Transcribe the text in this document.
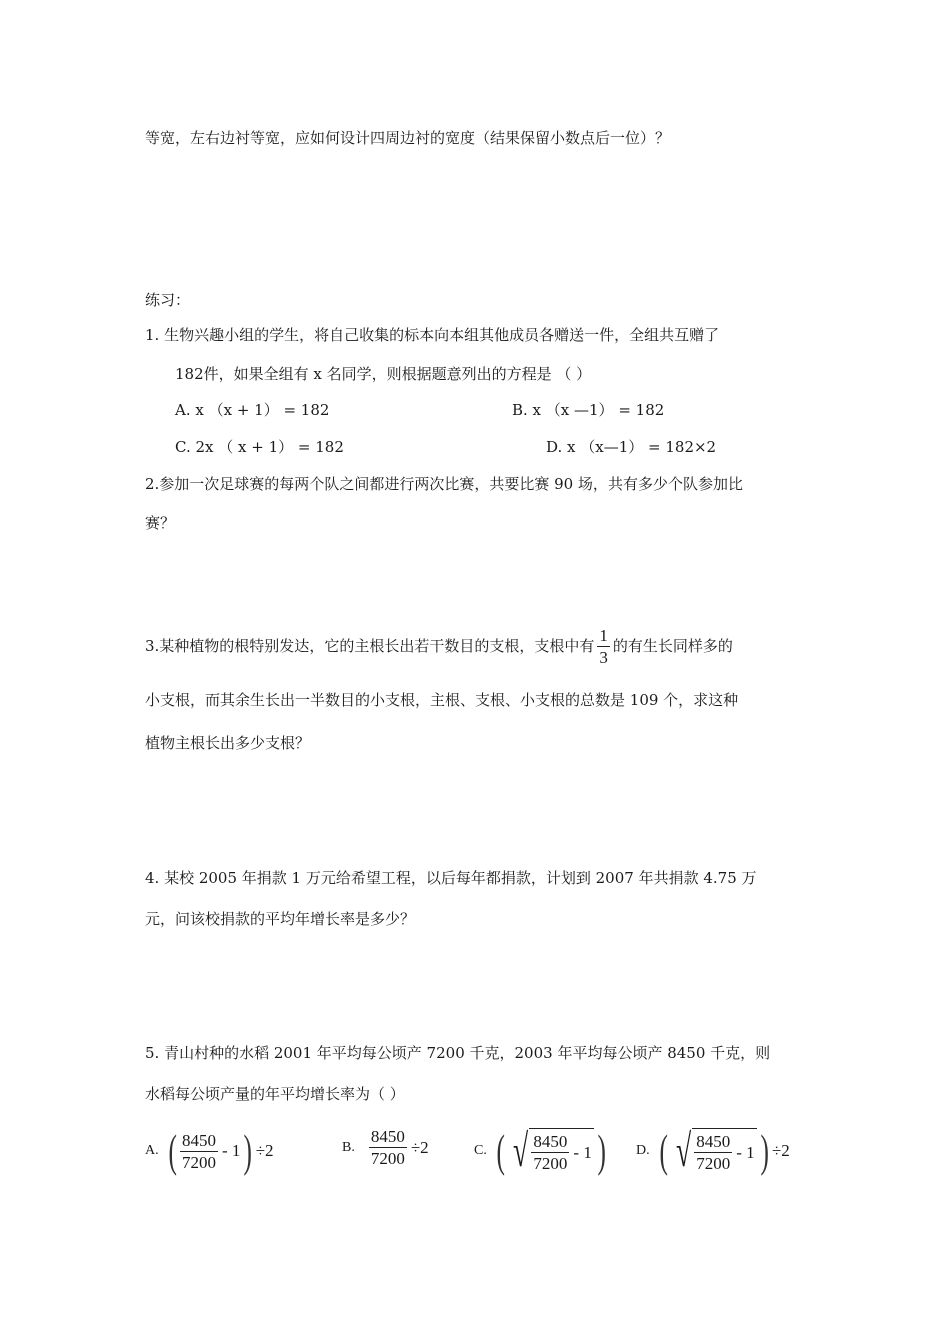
等宽，左右边衬等宽，应如何设计四周边衬的宽度（结果保留小数点后一位）？
练习：
1. 生物兴趣小组的学生，将自己收集的标本向本组其他成员各赠送一件，全组共互赠了
182件，如果全组有 x 名同学，则根据题意列出的方程是 （ ）
A. x （x + 1） = 182	B. x （x —1） = 182
C. 2x （ x + 1） = 182	D. x （x—1） = 182×2
2.参加一次足球赛的每两个队之间都进行两次比赛，共要比赛 90 场，共有多少个队参加比
赛？
3.某种植物的根特别发达，它的主根长出若干数目的支根，支根中有 $\frac{1}{3}$ 的有生长同样多的
小支根，而其余生长出一半数目的小支根，主根、支根、小支根的总数是 109 个，求这种
植物主根长出多少支根？
4. 某校 2005 年捐款 1 万元给希望工程，以后每年都捐款，计划到 2007 年共捐款 4.75 万
元，问该校捐款的平均年增长率是多少？
5. 青山村种的水稻 2001 年平均每公顷产 7200 千克，2003 年平均每公顷产 8450 千克，则
水稻每公顷产量的年平均增长率为（ ）
A. ( $\frac{8450}{7200} - 1$ ) ÷2	B. $\frac{8450}{7200} \div 2$	C. ( √ $\frac{8450}{7200} - 1$ ) D. ( √ $\frac{8450}{7200} - 1$ ) ÷2
